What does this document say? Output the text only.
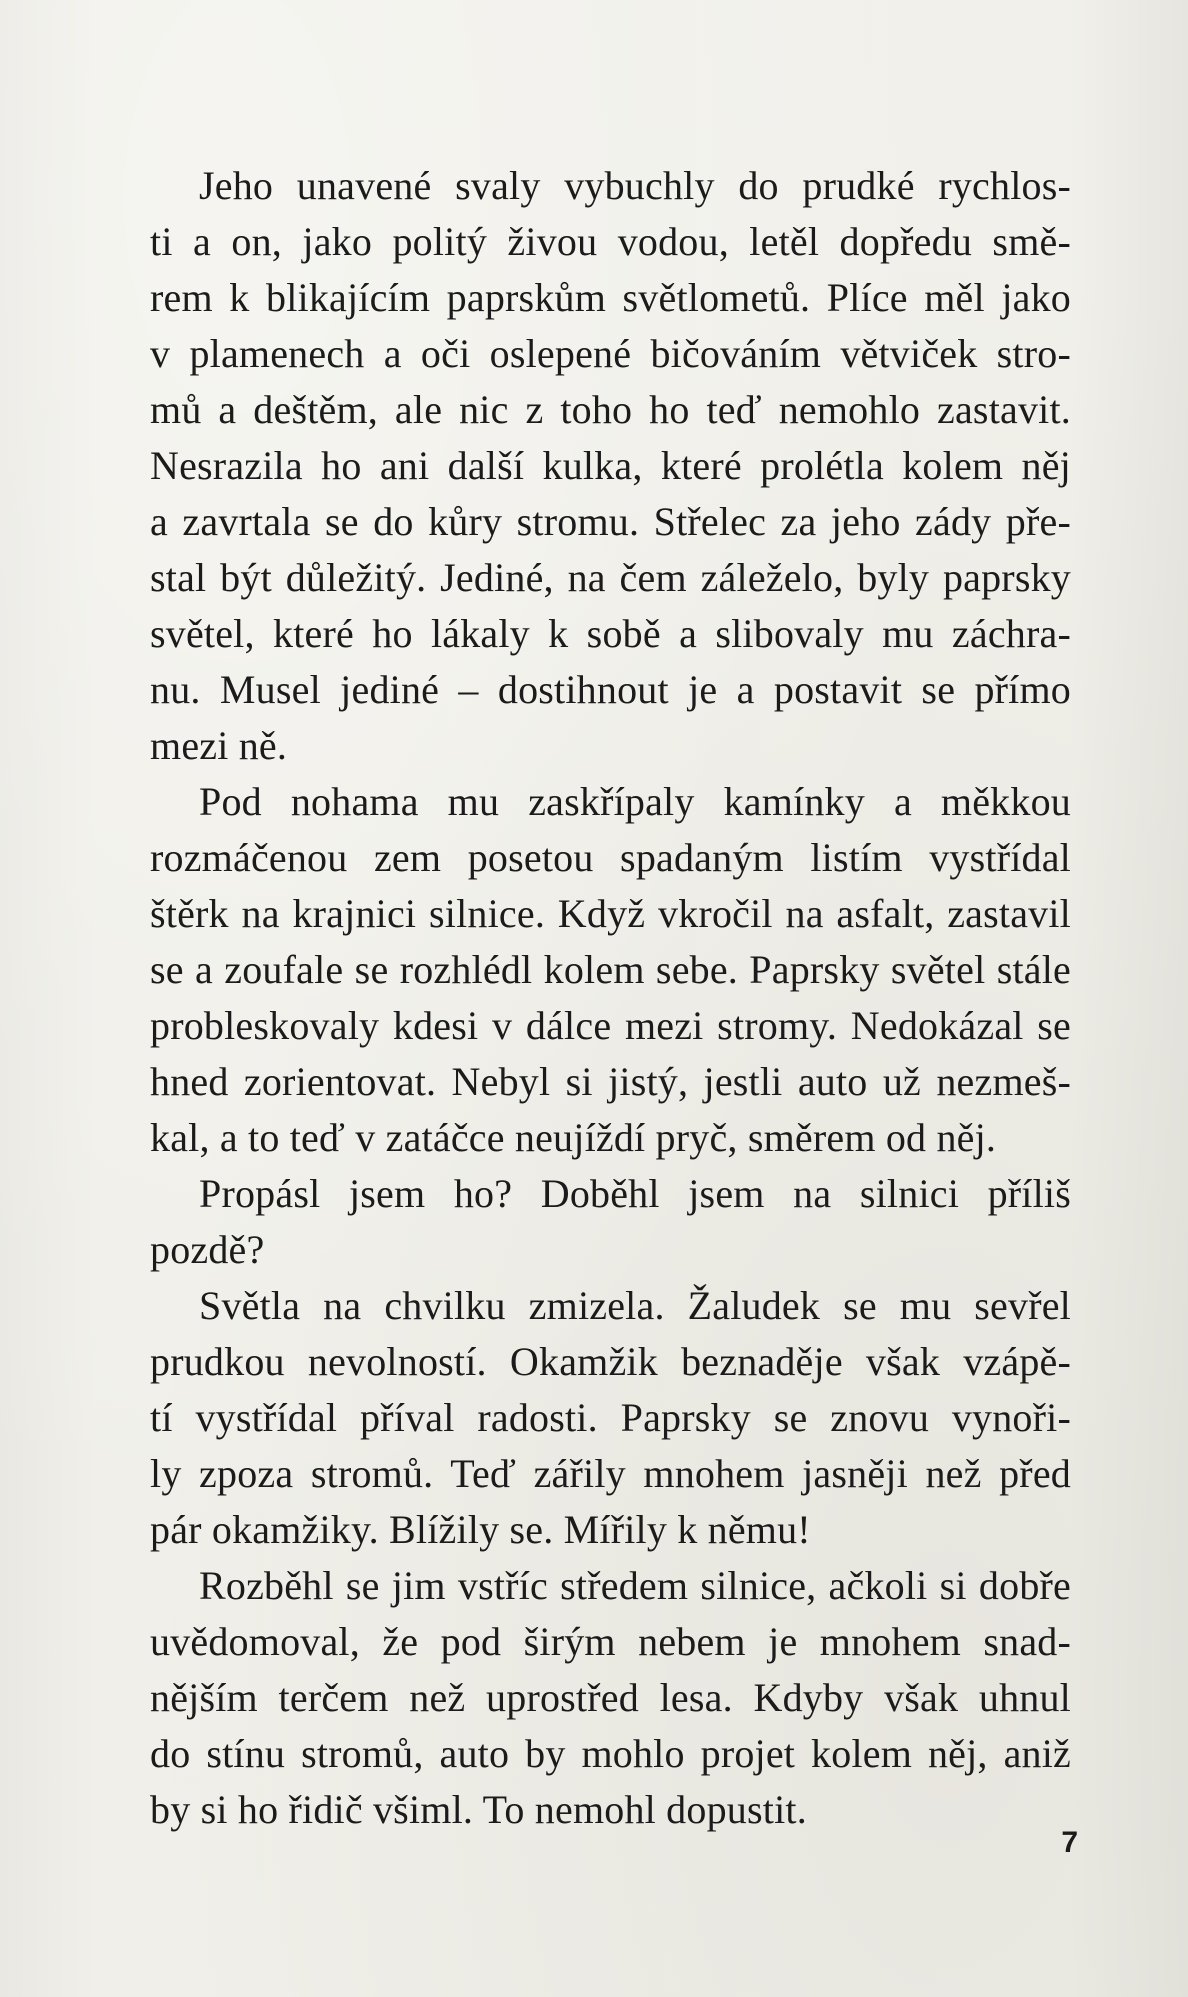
Jeho unavené svaly vybuchly do prudké rychlos-
ti a on, jako politý živou vodou, letěl dopředu smě-
rem k blikajícím paprskům světlometů. Plíce měl jako
v plamenech a oči oslepené bičováním větviček stro-
mů a deštěm, ale nic z toho ho teď nemohlo zastavit.
Nesrazila ho ani další kulka, které prolétla kolem něj
a zavrtala se do kůry stromu. Střelec za jeho zády pře-
stal být důležitý. Jediné, na čem záleželo, byly paprsky
světel, které ho lákaly k sobě a slibovaly mu záchra-
nu. Musel jediné – dostihnout je a postavit se přímo
mezi ně.
Pod nohama mu zaskřípaly kamínky a měkkou
rozmáčenou zem posetou spadaným listím vystřídal
štěrk na krajnici silnice. Když vkročil na asfalt, zastavil
se a zoufale se rozhlédl kolem sebe. Paprsky světel stále
probleskovaly kdesi v dálce mezi stromy. Nedokázal se
hned zorientovat. Nebyl si jistý, jestli auto už nezmeš-
kal, a to teď v zatáčce neujíždí pryč, směrem od něj.
Propásl jsem ho? Doběhl jsem na silnici příliš
pozdě?
Světla na chvilku zmizela. Žaludek se mu sevřel
prudkou nevolností. Okamžik beznaděje však vzápě-
tí vystřídal příval radosti. Paprsky se znovu vynoři-
ly zpoza stromů. Teď zářily mnohem jasněji než před
pár okamžiky. Blížily se. Mířily k němu!
Rozběhl se jim vstříc středem silnice, ačkoli si dobře
uvědomoval, že pod širým nebem je mnohem snad-
nějším terčem než uprostřed lesa. Kdyby však uhnul
do stínu stromů, auto by mohlo projet kolem něj, aniž
by si ho řidič všiml. To nemohl dopustit.
7
